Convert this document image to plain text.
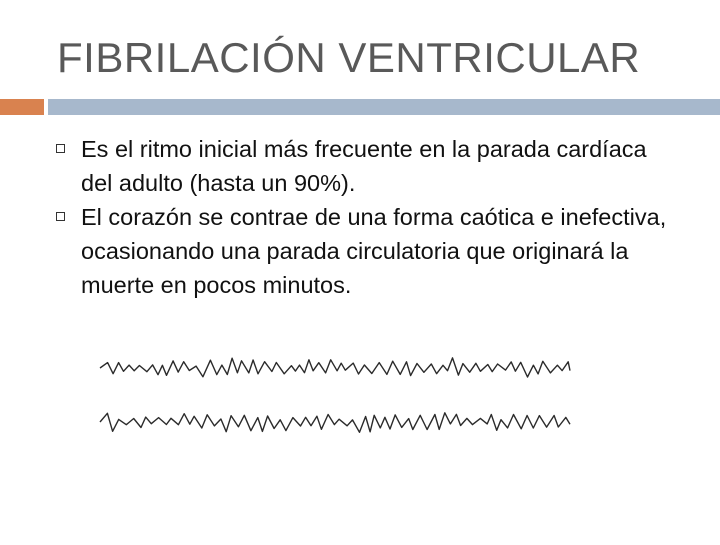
FIBRILACIÓN VENTRICULAR
Es el ritmo inicial más frecuente en la parada cardíaca del adulto (hasta un 90%).
El corazón se contrae de una forma caótica e inefectiva, ocasionando una parada circulatoria que originará la muerte en pocos minutos.
